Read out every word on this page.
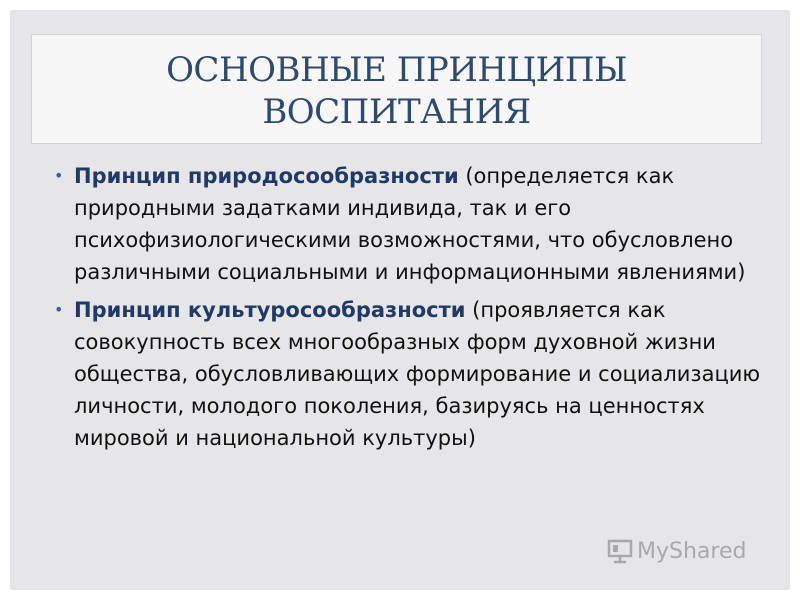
ОСНОВНЫЕ ПРИНЦИПЫ
ВОСПИТАНИЯ
• Принцип природосообразности (определяется как природными задатками индивида, так и его психофизиологическими возможностями, что обусловлено различными социальными и информационными явлениями)
• Принцип культуросообразности (проявляется как совокупность всех многообразных форм духовной жизни общества, обусловливающих формирование и социализацию личности, молодого поколения, базируясь на ценностях мировой и национальной культуры)
MyShared
